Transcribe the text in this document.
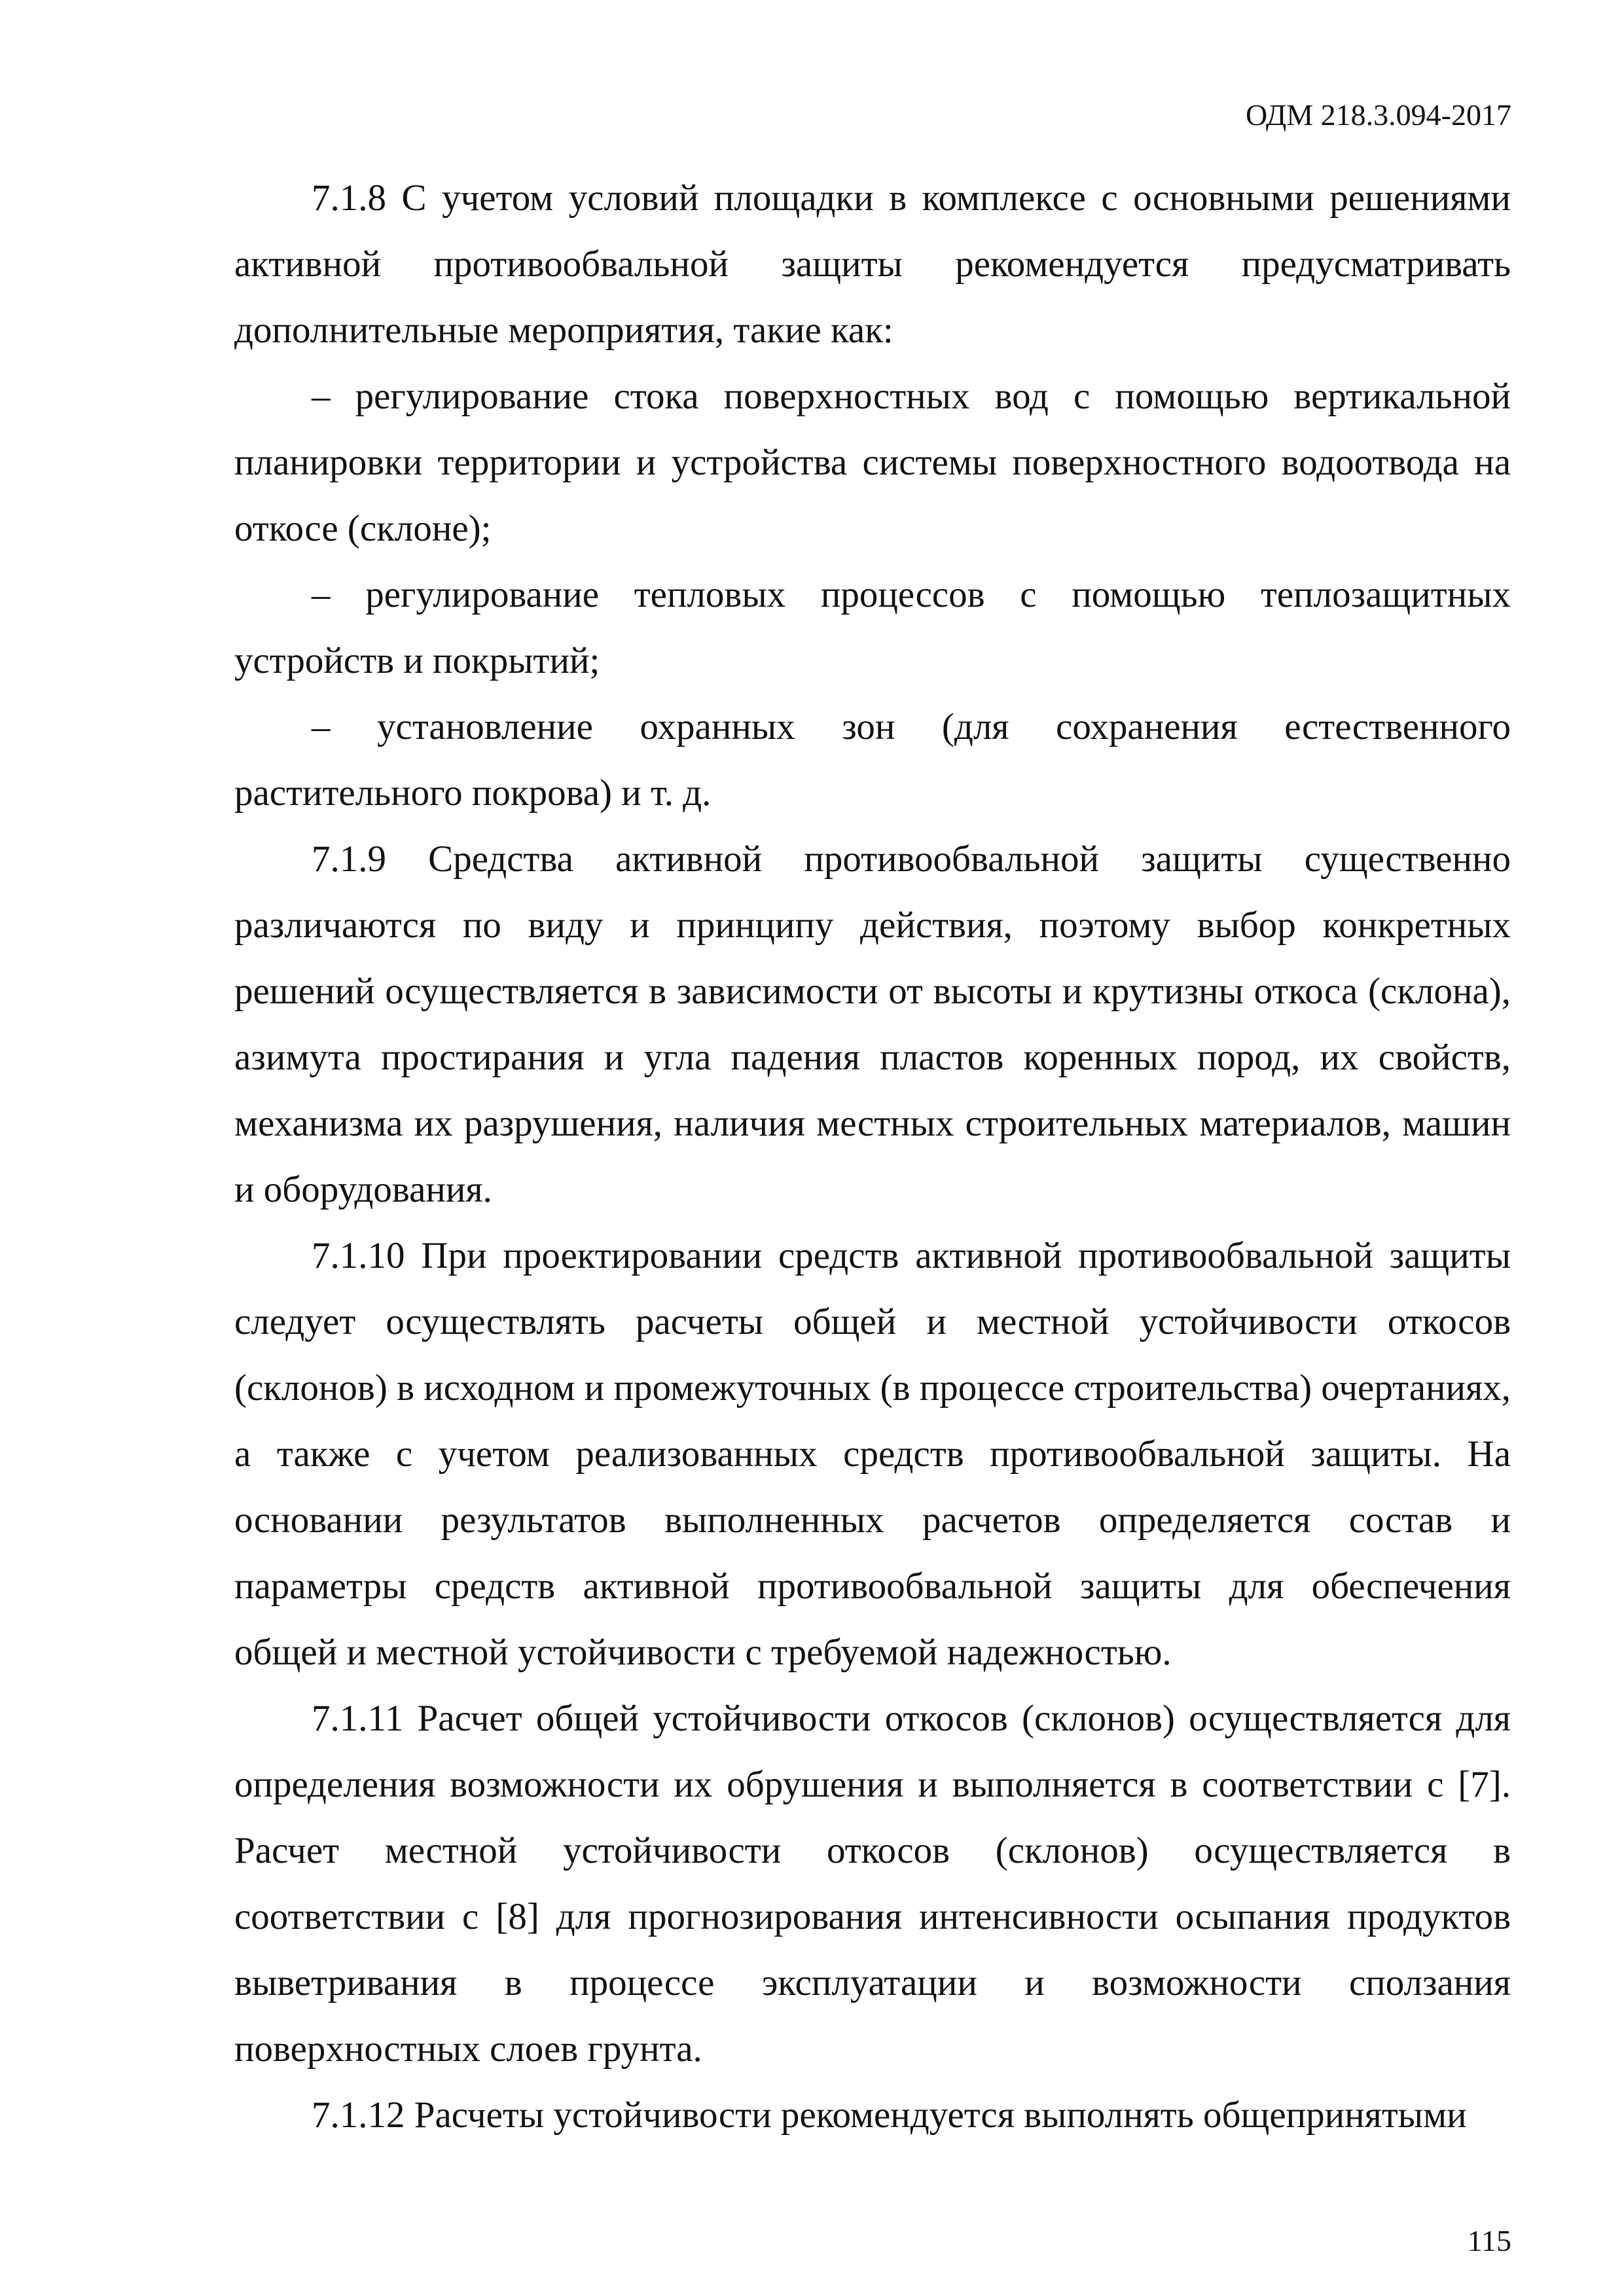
ОДМ 218.3.094-2017

7.1.8 С учетом условий площадки в комплексе с основными решениями активной противообвальной защиты рекомендуется предусматривать дополнительные мероприятия, такие как:

– регулирование стока поверхностных вод с помощью вертикальной планировки территории и устройства системы поверхностного водоотвода на откосе (склоне);

– регулирование тепловых процессов с помощью теплозащитных устройств и покрытий;

– установление охранных зон (для сохранения естественного растительного покрова) и т. д.

7.1.9 Средства активной противообвальной защиты существенно различаются по виду и принципу действия, поэтому выбор конкретных решений осуществляется в зависимости от высоты и крутизны откоса (склона), азимута простирания и угла падения пластов коренных пород, их свойств, механизма их разрушения, наличия местных строительных материалов, машин и оборудования.

7.1.10 При проектировании средств активной противообвальной защиты следует осуществлять расчеты общей и местной устойчивости откосов (склонов) в исходном и промежуточных (в процессе строительства) очертаниях, а также с учетом реализованных средств противообвальной защиты. На основании результатов выполненных расчетов определяется состав и параметры средств активной противообвальной защиты для обеспечения общей и местной устойчивости с требуемой надежностью.

7.1.11 Расчет общей устойчивости откосов (склонов) осуществляется для определения возможности их обрушения и выполняется в соответствии с [7]. Расчет местной устойчивости откосов (склонов) осуществляется в соответствии с [8] для прогнозирования интенсивности осыпания продуктов выветривания в процессе эксплуатации и возможности сползания поверхностных слоев грунта.

7.1.12 Расчеты устойчивости рекомендуется выполнять общепринятыми

115
